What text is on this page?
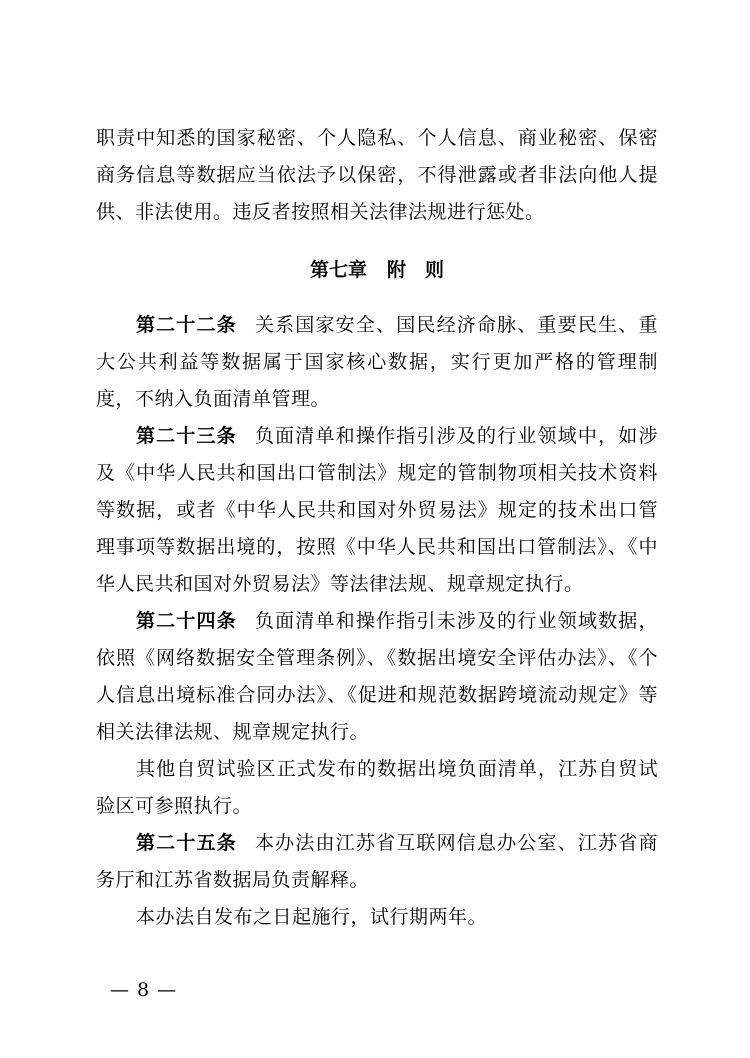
职责中知悉的国家秘密、个人隐私、个人信息、商业秘密、保密商务信息等数据应当依法予以保密，不得泄露或者非法向他人提供、非法使用。违反者按照相关法律法规进行惩处。

第七章 附　则

第二十二条 关系国家安全、国民经济命脉、重要民生、重大公共利益等数据属于国家核心数据，实行更加严格的管理制度，不纳入负面清单管理。

第二十三条 负面清单和操作指引涉及的行业领域中，如涉及《中华人民共和国出口管制法》规定的管制物项相关技术资料等数据，或者《中华人民共和国对外贸易法》规定的技术出口管理事项等数据出境的，按照《中华人民共和国出口管制法》、《中华人民共和国对外贸易法》等法律法规、规章规定执行。

第二十四条 负面清单和操作指引未涉及的行业领域数据，依照《网络数据安全管理条例》、《数据出境安全评估办法》、《个人信息出境标准合同办法》、《促进和规范数据跨境流动规定》等相关法律法规、规章规定执行。

其他自贸试验区正式发布的数据出境负面清单，江苏自贸试验区可参照执行。

第二十五条 本办法由江苏省互联网信息办公室、江苏省商务厅和江苏省数据局负责解释。

本办法自发布之日起施行，试行期两年。

— 8 —
